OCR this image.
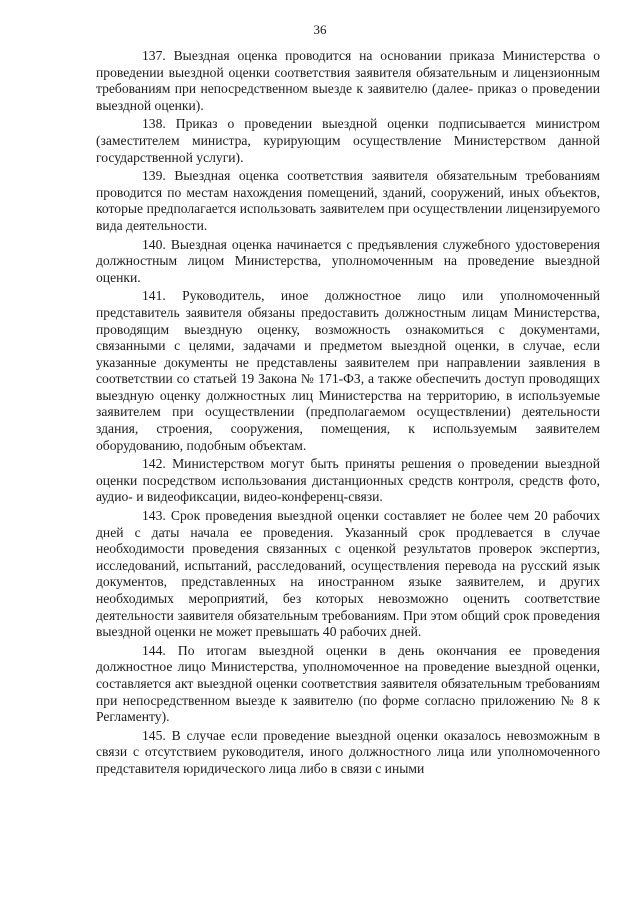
36

137. Выездная оценка проводится на основании приказа Министерства о проведении выездной оценки соответствия заявителя обязательным и лицензионным требованиям при непосредственном выезде к заявителю (далее- приказ о проведении выездной оценки).

138. Приказ о проведении выездной оценки подписывается министром (заместителем министра, курирующим осуществление Министерством данной государственной услуги).

139. Выездная оценка соответствия заявителя обязательным требованиям проводится по местам нахождения помещений, зданий, сооружений, иных объектов, которые предполагается использовать заявителем при осуществлении лицензируемого вида деятельности.

140. Выездная оценка начинается с предъявления служебного удостоверения должностным лицом Министерства, уполномоченным на проведение выездной оценки.

141. Руководитель, иное должностное лицо или уполномоченный представитель заявителя обязаны предоставить должностным лицам Министерства, проводящим выездную оценку, возможность ознакомиться с документами, связанными с целями, задачами и предметом выездной оценки, в случае, если указанные документы не представлены заявителем при направлении заявления в соответствии со статьей 19 Закона № 171-ФЗ, а также обеспечить доступ проводящих выездную оценку должностных лиц Министерства на территорию, в используемые заявителем при осуществлении (предполагаемом осуществлении) деятельности здания, строения, сооружения, помещения, к используемым заявителем оборудованию, подобным объектам.

142. Министерством могут быть приняты решения о проведении выездной оценки посредством использования дистанционных средств контроля, средств фото, аудио- и видеофиксации, видео-конференц-связи.

143. Срок проведения выездной оценки составляет не более чем 20 рабочих дней с даты начала ее проведения. Указанный срок продлевается в случае необходимости проведения связанных с оценкой результатов проверок экспертиз, исследований, испытаний, расследований, осуществления перевода на русский язык документов, представленных на иностранном языке заявителем, и других необходимых мероприятий, без которых невозможно оценить соответствие деятельности заявителя обязательным требованиям. При этом общий срок проведения выездной оценки не может превышать 40 рабочих дней.

144. По итогам выездной оценки в день окончания ее проведения должностное лицо Министерства, уполномоченное на проведение выездной оценки, составляется акт выездной оценки соответствия заявителя обязательным требованиям при непосредственном выезде к заявителю (по форме согласно приложению № 8 к Регламенту).

145. В случае если проведение выездной оценки оказалось невозможным в связи с отсутствием руководителя, иного должностного лица или уполномоченного представителя юридического лица либо в связи с иными
